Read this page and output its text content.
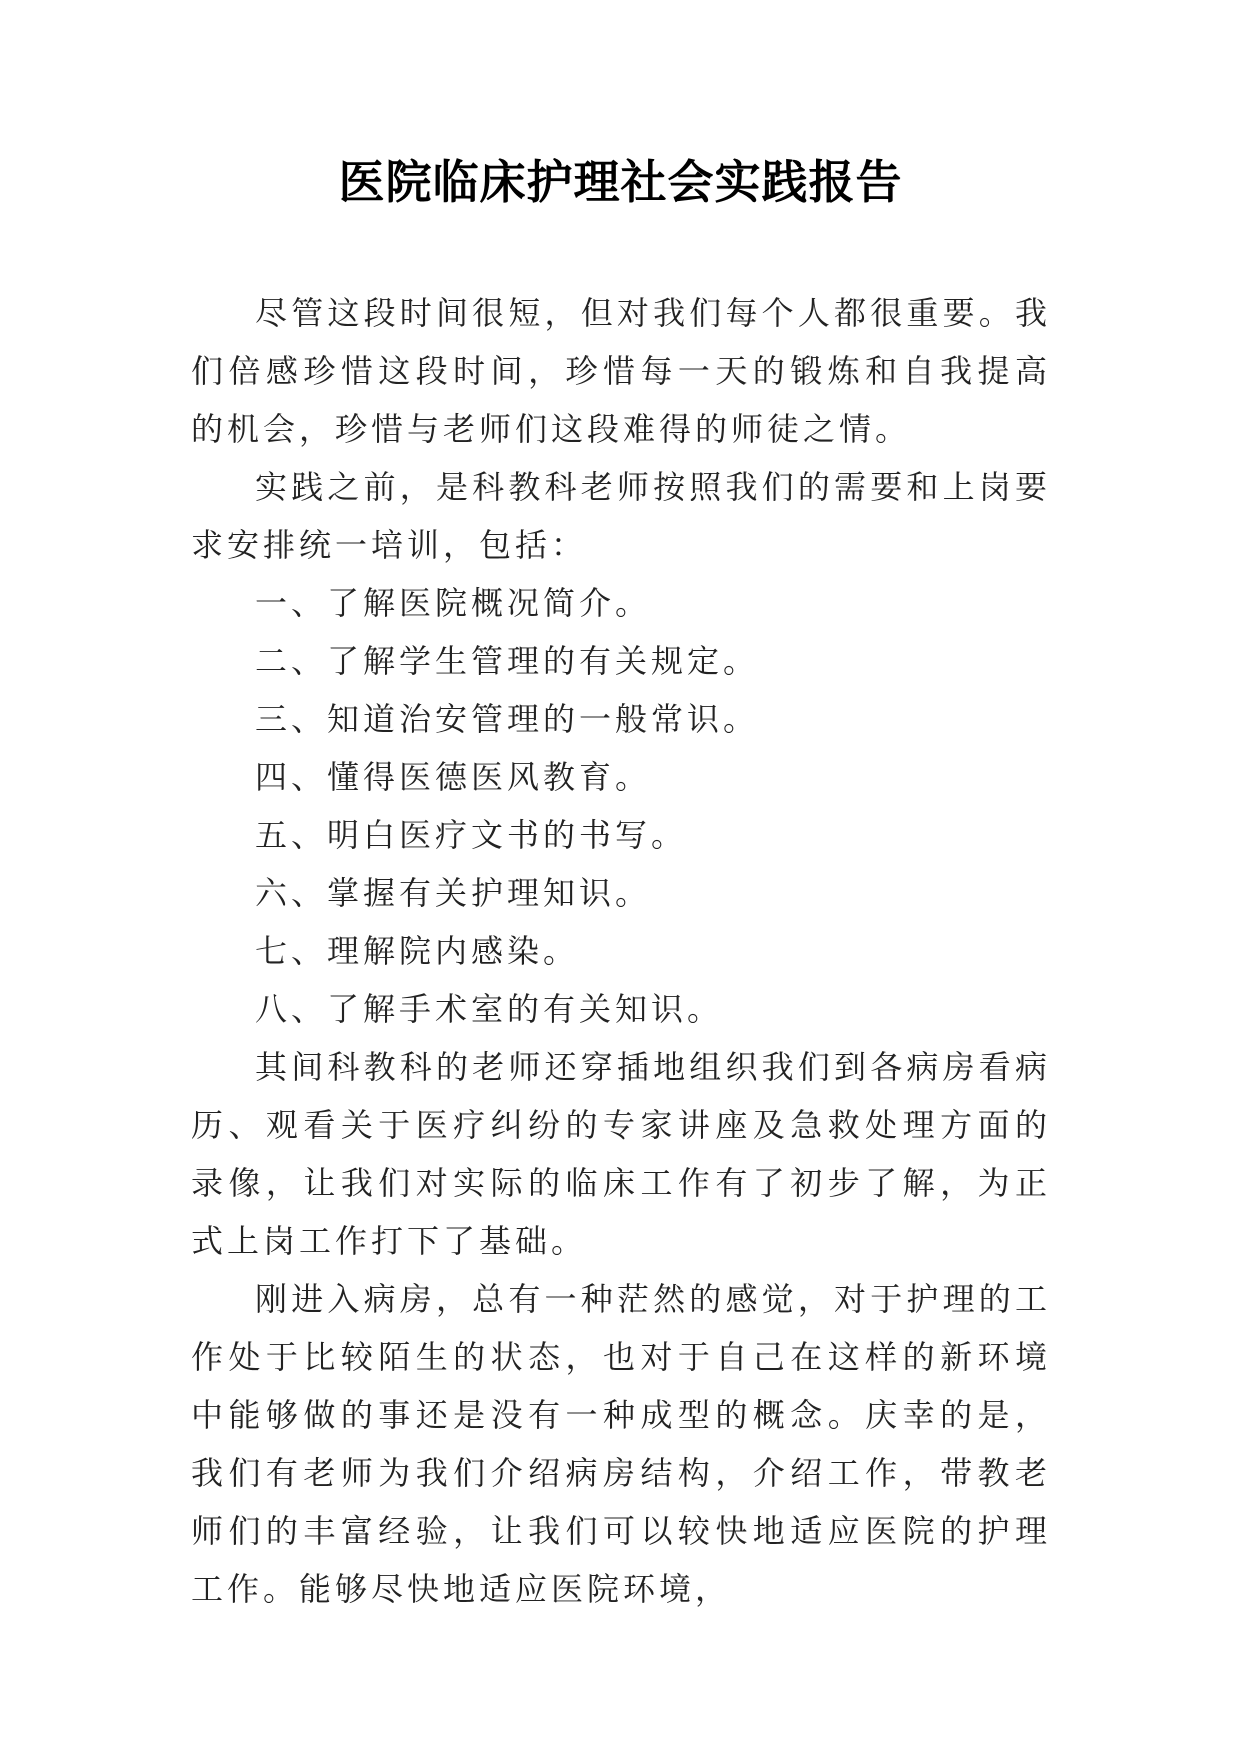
医院临床护理社会实践报告

尽管这段时间很短，但对我们每个人都很重要。我们倍感珍惜这段时间，珍惜每一天的锻炼和自我提高的机会，珍惜与老师们这段难得的师徒之情。

实践之前，是科教科老师按照我们的需要和上岗要求安排统一培训，包括：

一、了解医院概况简介。

二、了解学生管理的有关规定。

三、知道治安管理的一般常识。

四、懂得医德医风教育。

五、明白医疗文书的书写。

六、掌握有关护理知识。

七、理解院内感染。

八、了解手术室的有关知识。

其间科教科的老师还穿插地组织我们到各病房看病历、观看关于医疗纠纷的专家讲座及急救处理方面的录像，让我们对实际的临床工作有了初步了解，为正式上岗工作打下了基础。

刚进入病房，总有一种茫然的感觉，对于护理的工作处于比较陌生的状态，也对于自己在这样的新环境中能够做的事还是没有一种成型的概念。庆幸的是，我们有老师为我们介绍病房结构，介绍工作，带教老师们的丰富经验，让我们可以较快地适应医院的护理工作。能够尽快地适应医院环境，
